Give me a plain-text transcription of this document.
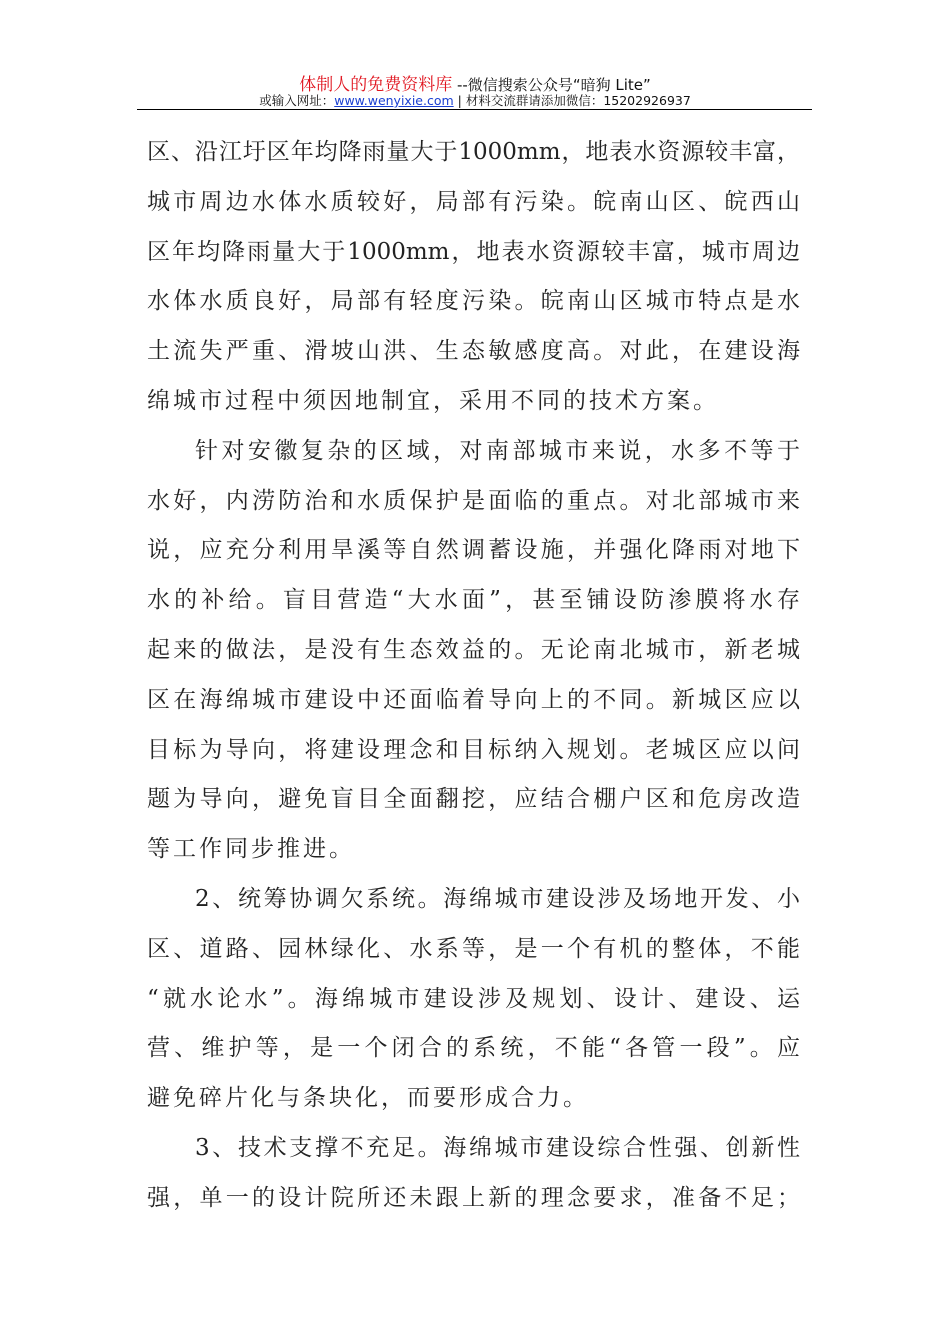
体制人的免费资料库 --微信搜索公众号“暗狗 Lite”
或输入网址：www.wenyixie.com | 材料交流群请添加微信：15202926937
区、沿江圩区年均降雨量大于1000mm，地表水资源较丰富，
城市周边水体水质较好，局部有污染。皖南山区、皖西山
区年均降雨量大于1000mm，地表水资源较丰富，城市周边
水体水质良好，局部有轻度污染。皖南山区城市特点是水
土流失严重、滑坡山洪、生态敏感度高。对此，在建设海
绵城市过程中须因地制宜，采用不同的技术方案。
针对安徽复杂的区域，对南部城市来说，水多不等于
水好，内涝防治和水质保护是面临的重点。对北部城市来
说，应充分利用旱溪等自然调蓄设施，并强化降雨对地下
水的补给。盲目营造“大水面”，甚至铺设防渗膜将水存
起来的做法，是没有生态效益的。无论南北城市，新老城
区在海绵城市建设中还面临着导向上的不同。新城区应以
目标为导向，将建设理念和目标纳入规划。老城区应以问
题为导向，避免盲目全面翻挖，应结合棚户区和危房改造
等工作同步推进。
2、统筹协调欠系统。海绵城市建设涉及场地开发、小
区、道路、园林绿化、水系等，是一个有机的整体，不能
“就水论水”。海绵城市建设涉及规划、设计、建设、运
营、维护等，是一个闭合的系统，不能“各管一段”。应
避免碎片化与条块化，而要形成合力。
3、技术支撑不充足。海绵城市建设综合性强、创新性
强，单一的设计院所还未跟上新的理念要求，准备不足；
